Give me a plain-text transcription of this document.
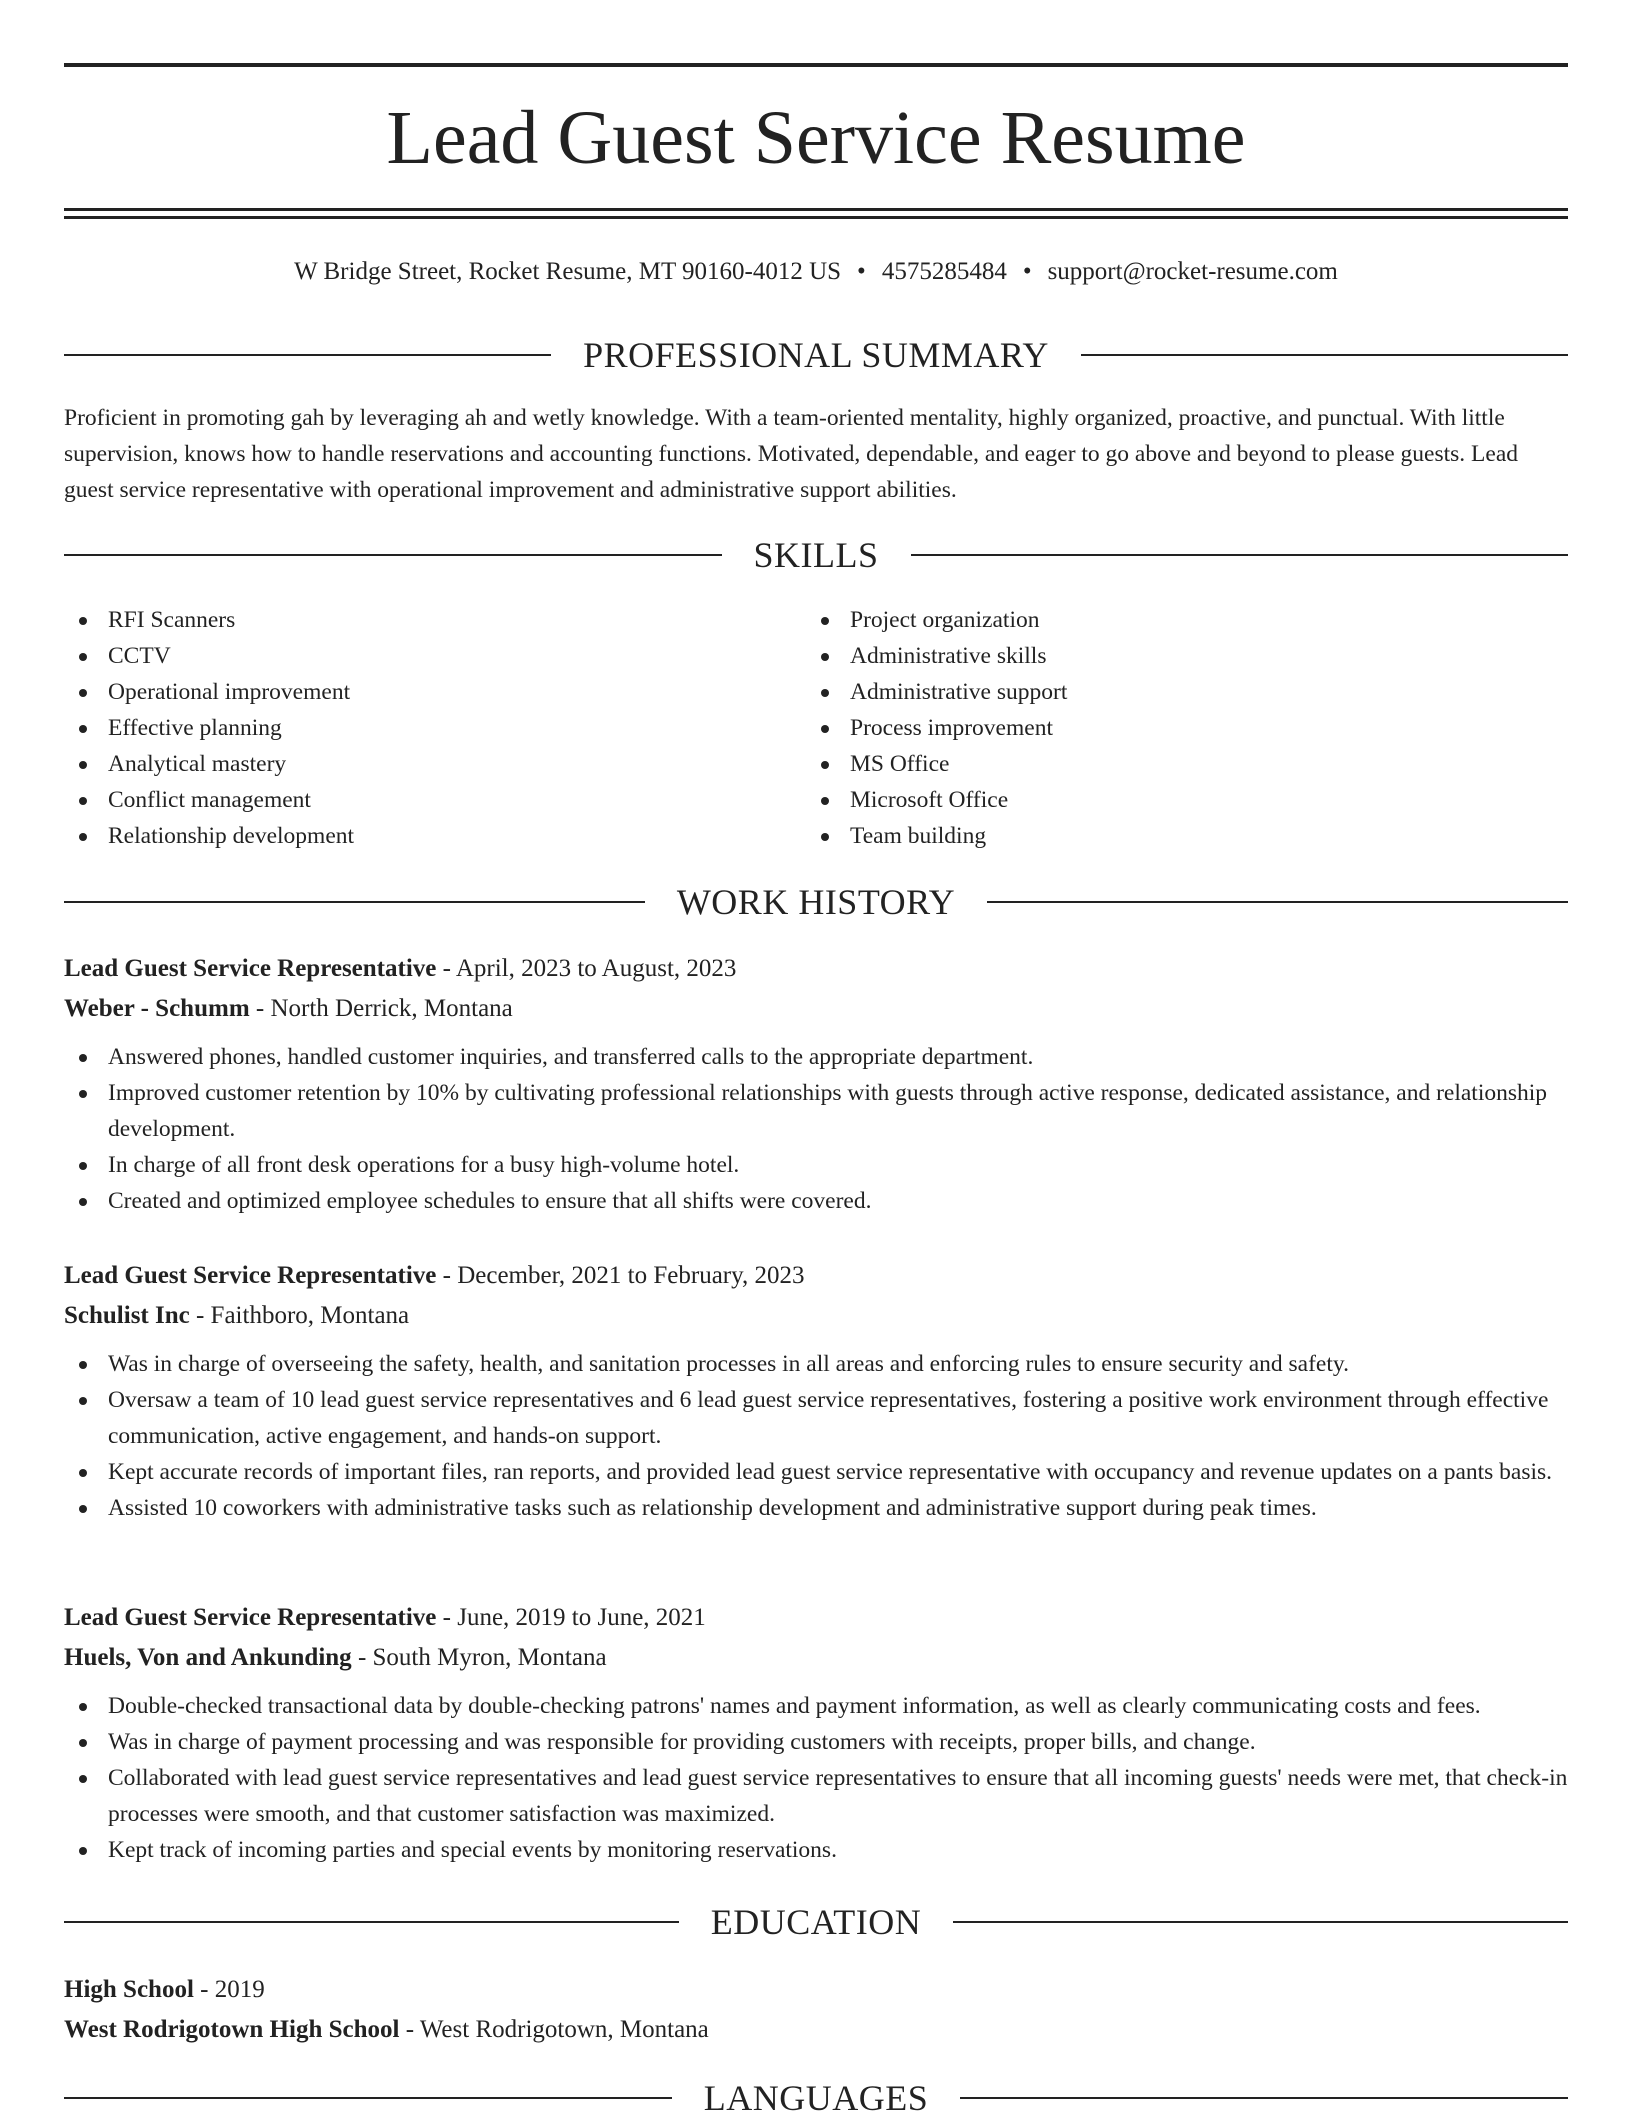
Lead Guest Service Resume
W Bridge Street, Rocket Resume, MT 90160-4012 US • 4575285484 • support@rocket-resume.com
PROFESSIONAL SUMMARY

Proficient in promoting gah by leveraging ah and wetly knowledge. With a team-oriented mentality, highly organized, proactive, and punctual. With little supervision, knows how to handle reservations and accounting functions. Motivated, dependable, and eager to go above and beyond to please guests. Lead guest service representative with operational improvement and administrative support abilities.

SKILLS
RFI Scanners
CCTV
Operational improvement
Effective planning
Analytical mastery
Conflict management
Relationship development
Project organization
Administrative skills
Administrative support
Process improvement
MS Office
Microsoft Office
Team building
WORK HISTORY
Lead Guest Service Representative - April, 2023 to August, 2023
Weber - Schumm - North Derrick, Montana
Answered phones, handled customer inquiries, and transferred calls to the appropriate department.
Improved customer retention by 10% by cultivating professional relationships with guests through active response, dedicated assistance, and relationship development.
In charge of all front desk operations for a busy high-volume hotel.
Created and optimized employee schedules to ensure that all shifts were covered.
Lead Guest Service Representative - December, 2021 to February, 2023
Schulist Inc - Faithboro, Montana
Was in charge of overseeing the safety, health, and sanitation processes in all areas and enforcing rules to ensure security and safety.
Oversaw a team of 10 lead guest service representatives and 6 lead guest service representatives, fostering a positive work environment through effective communication, active engagement, and hands-on support.
Kept accurate records of important files, ran reports, and provided lead guest service representative with occupancy and revenue updates on a pants basis.
Assisted 10 coworkers with administrative tasks such as relationship development and administrative support during peak times.
Lead Guest Service Representative - June, 2019 to June, 2021
Huels, Von and Ankunding - South Myron, Montana
Double-checked transactional data by double-checking patrons' names and payment information, as well as clearly communicating costs and fees.
Was in charge of payment processing and was responsible for providing customers with receipts, proper bills, and change.
Collaborated with lead guest service representatives and lead guest service representatives to ensure that all incoming guests' needs were met, that check-in processes were smooth, and that customer satisfaction was maximized.
Kept track of incoming parties and special events by monitoring reservations.
EDUCATION
High School - 2019
West Rodrigotown High School - West Rodrigotown, Montana
LANGUAGES
